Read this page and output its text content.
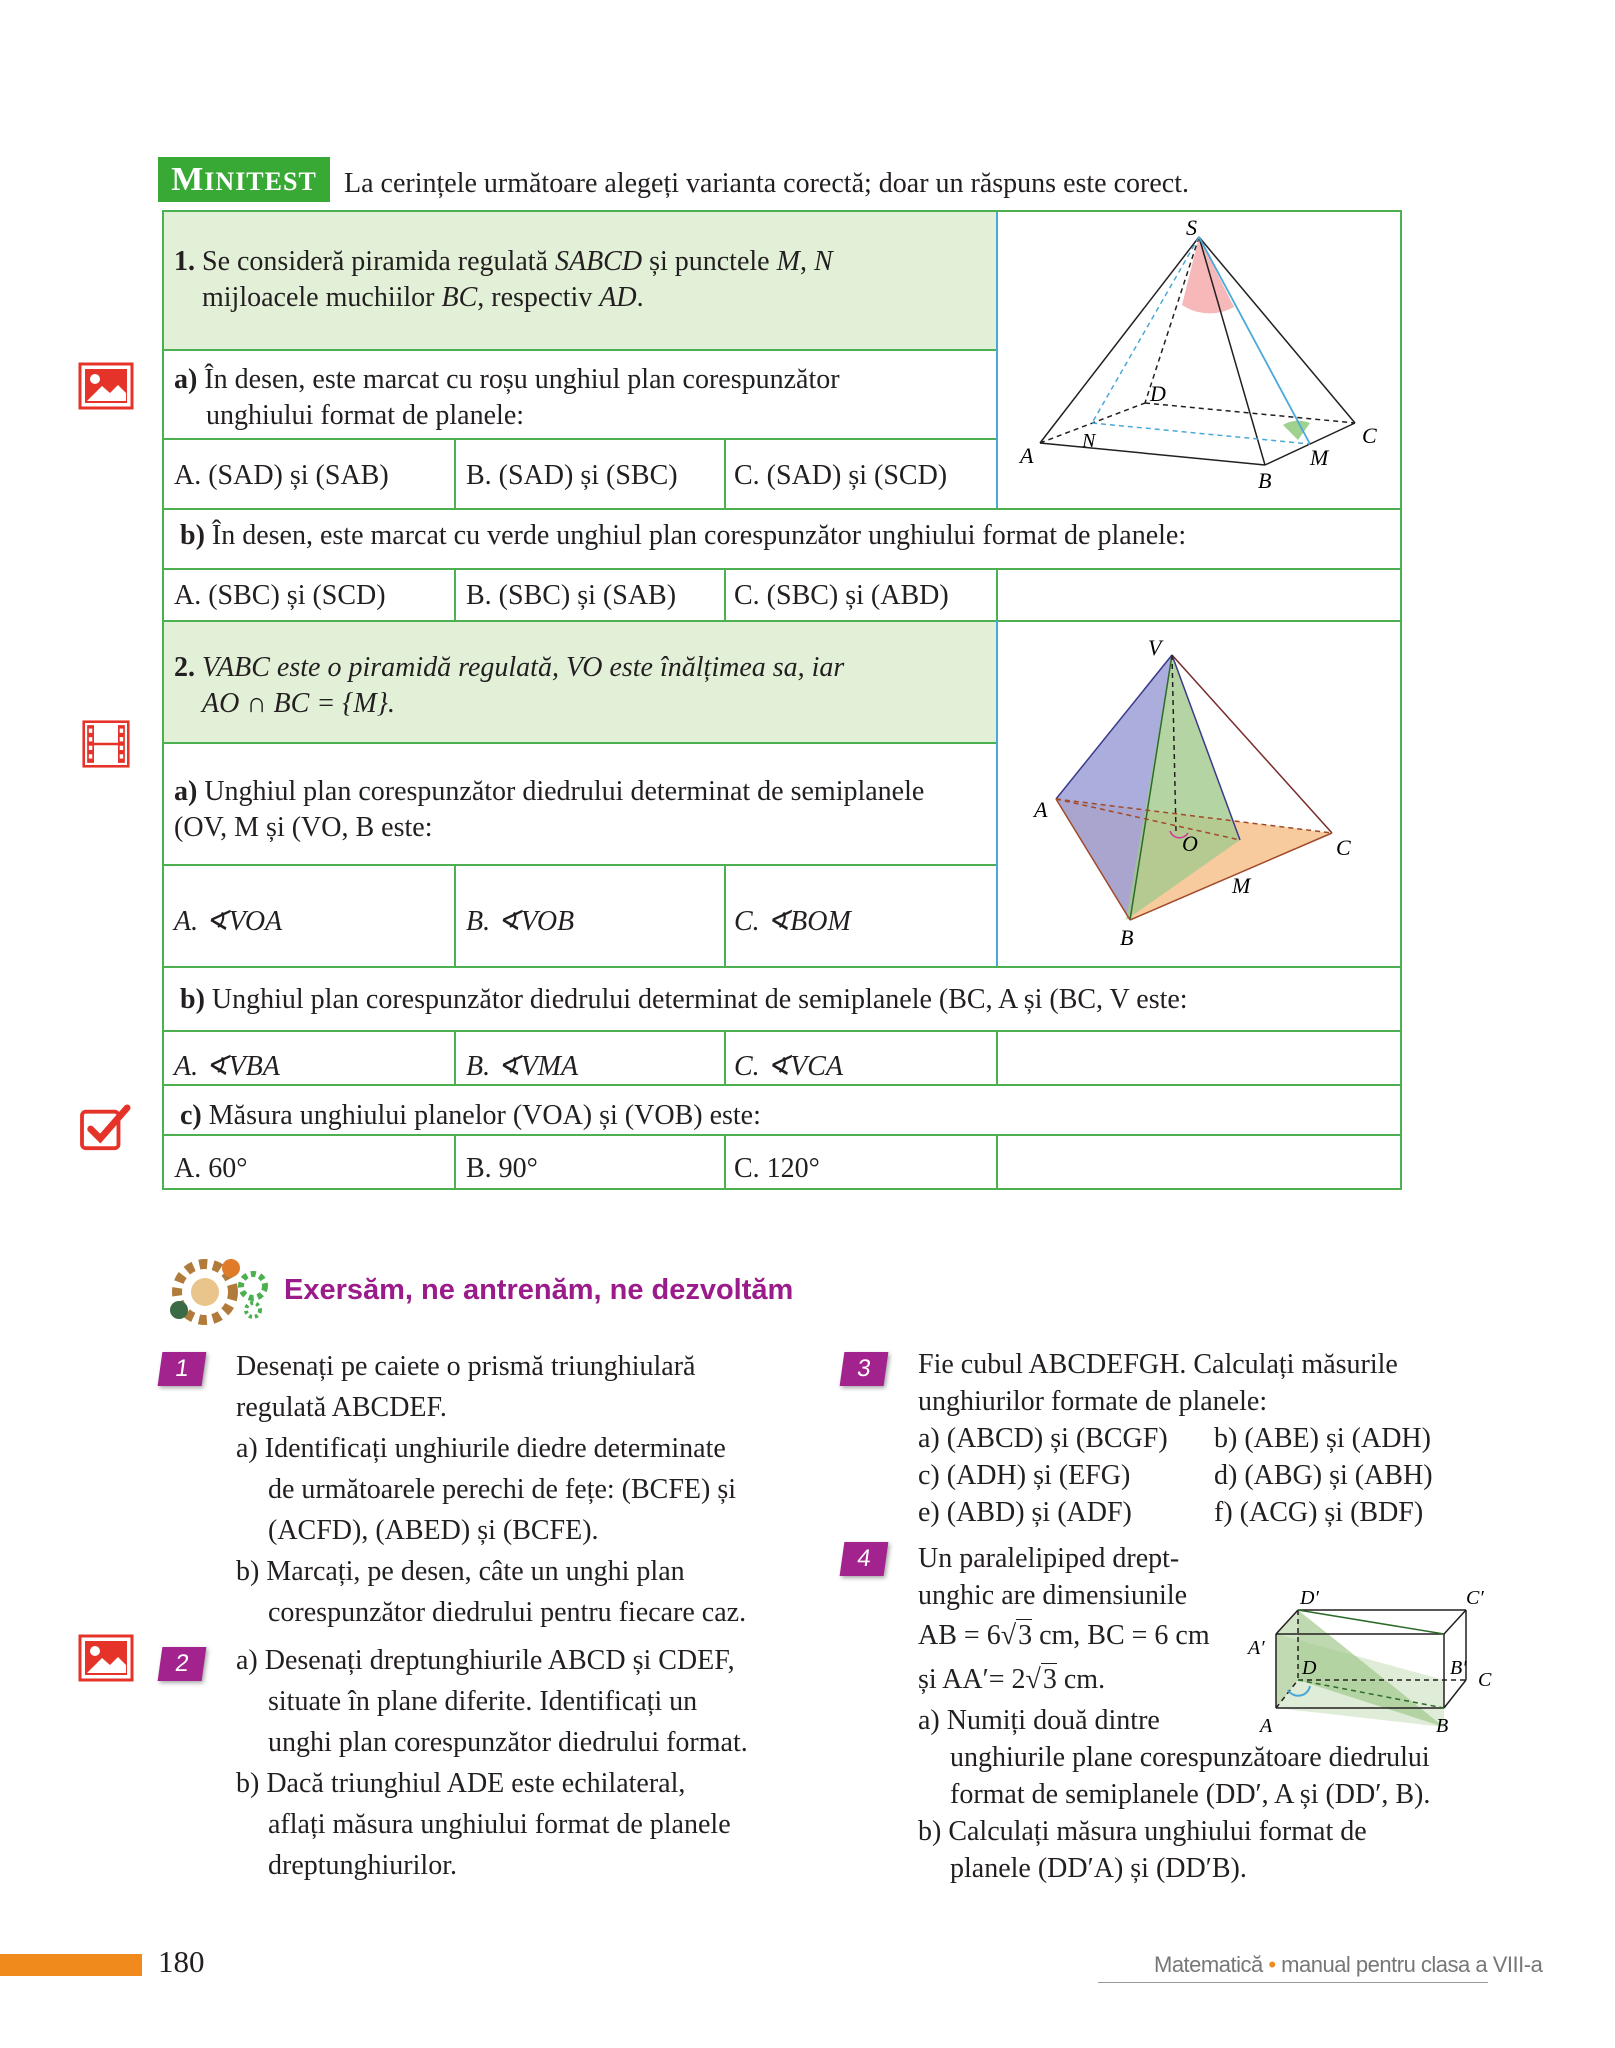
MINITEST La cerințele următoare alegeți varianta corectă; doar un răspuns este corect.
1. Se consideră piramida regulată SABCD și punctele M, N
mijloacele muchiilor BC, respectiv AD.
a) În desen, este marcat cu roșu unghiul plan corespunzător
unghiului format de planele:
A. (SAD) și (SAB)	B. (SAD) și (SBC)	C. (SAD) și (SCD)
b) În desen, este marcat cu verde unghiul plan corespunzător unghiului format de planele:
A. (SBC) și (SCD)	B. (SBC) și (SAB)	C. (SBC) și (ABD)
2. VABC este o piramidă regulată, VO este înălțimea sa, iar
AO ∩ BC = {M}.
a) Unghiul plan corespunzător diedrului determinat de semiplanele
(OV, M și (VO, B este:
A. ∢VOA	B. ∢VOB	C. ∢BOM
b) Unghiul plan corespunzător diedrului determinat de semiplanele (BC, A și (BC, V este:
A. ∢VBA	B. ∢VMA	C. ∢VCA
c) Măsura unghiului planelor (VOA) și (VOB) este:
A. 60°	B. 90°	C. 120°
S
D
C
A
N
M
B
V
A
O	C
M
B
Exersăm, ne antrenăm, ne dezvoltăm
1	Desenați pe caiete o prismă triunghiulară
regulată ABCDEF.
a) Identificați unghiurile diedre determinate
de următoarele perechi de fețe: (BCFE) și
(ACFD), (ABED) și (BCFE).
b) Marcați, pe desen, câte un unghi plan
corespunzător diedrului pentru fiecare caz.
2	a) Desenați dreptunghiurile ABCD și CDEF,
situate în plane diferite. Identificați un
unghi plan corespunzător diedrului format.
b) Dacă triunghiul ADE este echilateral,
aflați măsura unghiului format de planele
dreptunghiurilor.
3	Fie cubul ABCDEFGH. Calculați măsurile
unghiurilor formate de planele:
a) (ABCD) și (BCGF)	b) (ABE) și (ADH)
c) (ADH) și (EFG)	d) (ABG) și (ABH)
e) (ABD) și (ADF)	f) (ACG) și (BDF)
4	Un paralelipiped drept-
unghic are dimensiunile
AB = 6√3 cm, BC = 6 cm
și AA′= 2√3 cm.
a) Numiți două dintre
unghiurile plane corespunzătoare diedrului
format de semiplanele (DD′, A și (DD′, B).
b) Calculați măsura unghiului format de
planele (DD′A) și (DD′B).
D′	C′
A′
D	B′
C
A	B
180	Matematică • manual pentru clasa a VIII-a
